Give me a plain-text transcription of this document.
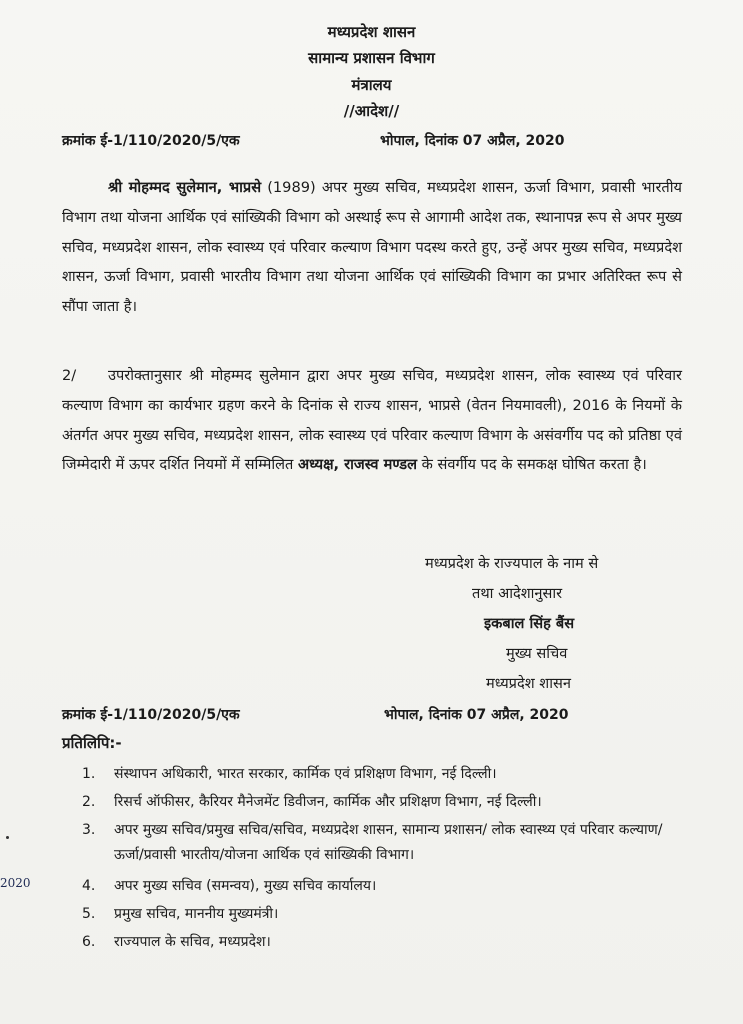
मध्यप्रदेश शासन
सामान्य प्रशासन विभाग
मंत्रालय
//आदेश//
क्रमांक ई-1/110/2020/5/एक	भोपाल, दिनांक 07 अप्रैल, 2020

श्री मोहम्मद सुलेमान, भाप्रसे (1989) अपर मुख्य सचिव, मध्यप्रदेश शासन, ऊर्जा विभाग, प्रवासी भारतीय विभाग तथा योजना आर्थिक एवं सांख्यिकी विभाग को अस्थाई रूप से आगामी आदेश तक, स्थानापन्न रूप से अपर मुख्य सचिव, मध्यप्रदेश शासन, लोक स्वास्थ्य एवं परिवार कल्याण विभाग पदस्थ करते हुए, उन्हें अपर मुख्य सचिव, मध्यप्रदेश शासन, ऊर्जा विभाग, प्रवासी भारतीय विभाग तथा योजना आर्थिक एवं सांख्यिकी विभाग का प्रभार अतिरिक्त रूप से सौंपा जाता है।

2/ उपरोक्तानुसार श्री मोहम्मद सुलेमान द्वारा अपर मुख्य सचिव, मध्यप्रदेश शासन, लोक स्वास्थ्य एवं परिवार कल्याण विभाग का कार्यभार ग्रहण करने के दिनांक से राज्य शासन, भाप्रसे (वेतन नियमावली), 2016 के नियमों के अंतर्गत अपर मुख्य सचिव, मध्यप्रदेश शासन, लोक स्वास्थ्य एवं परिवार कल्याण विभाग के असंवर्गीय पद को प्रतिष्ठा एवं जिम्मेदारी में ऊपर दर्शित नियमों में सम्मिलित अध्यक्ष, राजस्व मण्डल के संवर्गीय पद के समकक्ष घोषित करता है।

मध्यप्रदेश के राज्यपाल के नाम से
तथा आदेशानुसार
इकबाल सिंह बैंस
मुख्य सचिव
मध्यप्रदेश शासन
क्रमांक ई-1/110/2020/5/एक	भोपाल, दिनांक 07 अप्रैल, 2020
प्रतिलिपि:-
1. संस्थापन अधिकारी, भारत सरकार, कार्मिक एवं प्रशिक्षण विभाग, नई दिल्ली।
2. रिसर्च ऑफीसर, कैरियर मैनेजमेंट डिवीजन, कार्मिक और प्रशिक्षण विभाग, नई दिल्ली।
3. अपर मुख्य सचिव/प्रमुख सचिव/सचिव, मध्यप्रदेश शासन, सामान्य प्रशासन/ लोक स्वास्थ्य एवं परिवार कल्याण/ऊर्जा/प्रवासी भारतीय/योजना आर्थिक एवं सांख्यिकी विभाग।
4. अपर मुख्य सचिव (समन्वय), मुख्य सचिव कार्यालय।
5. प्रमुख सचिव, माननीय मुख्यमंत्री।
6. राज्यपाल के सचिव, मध्यप्रदेश।
2020
